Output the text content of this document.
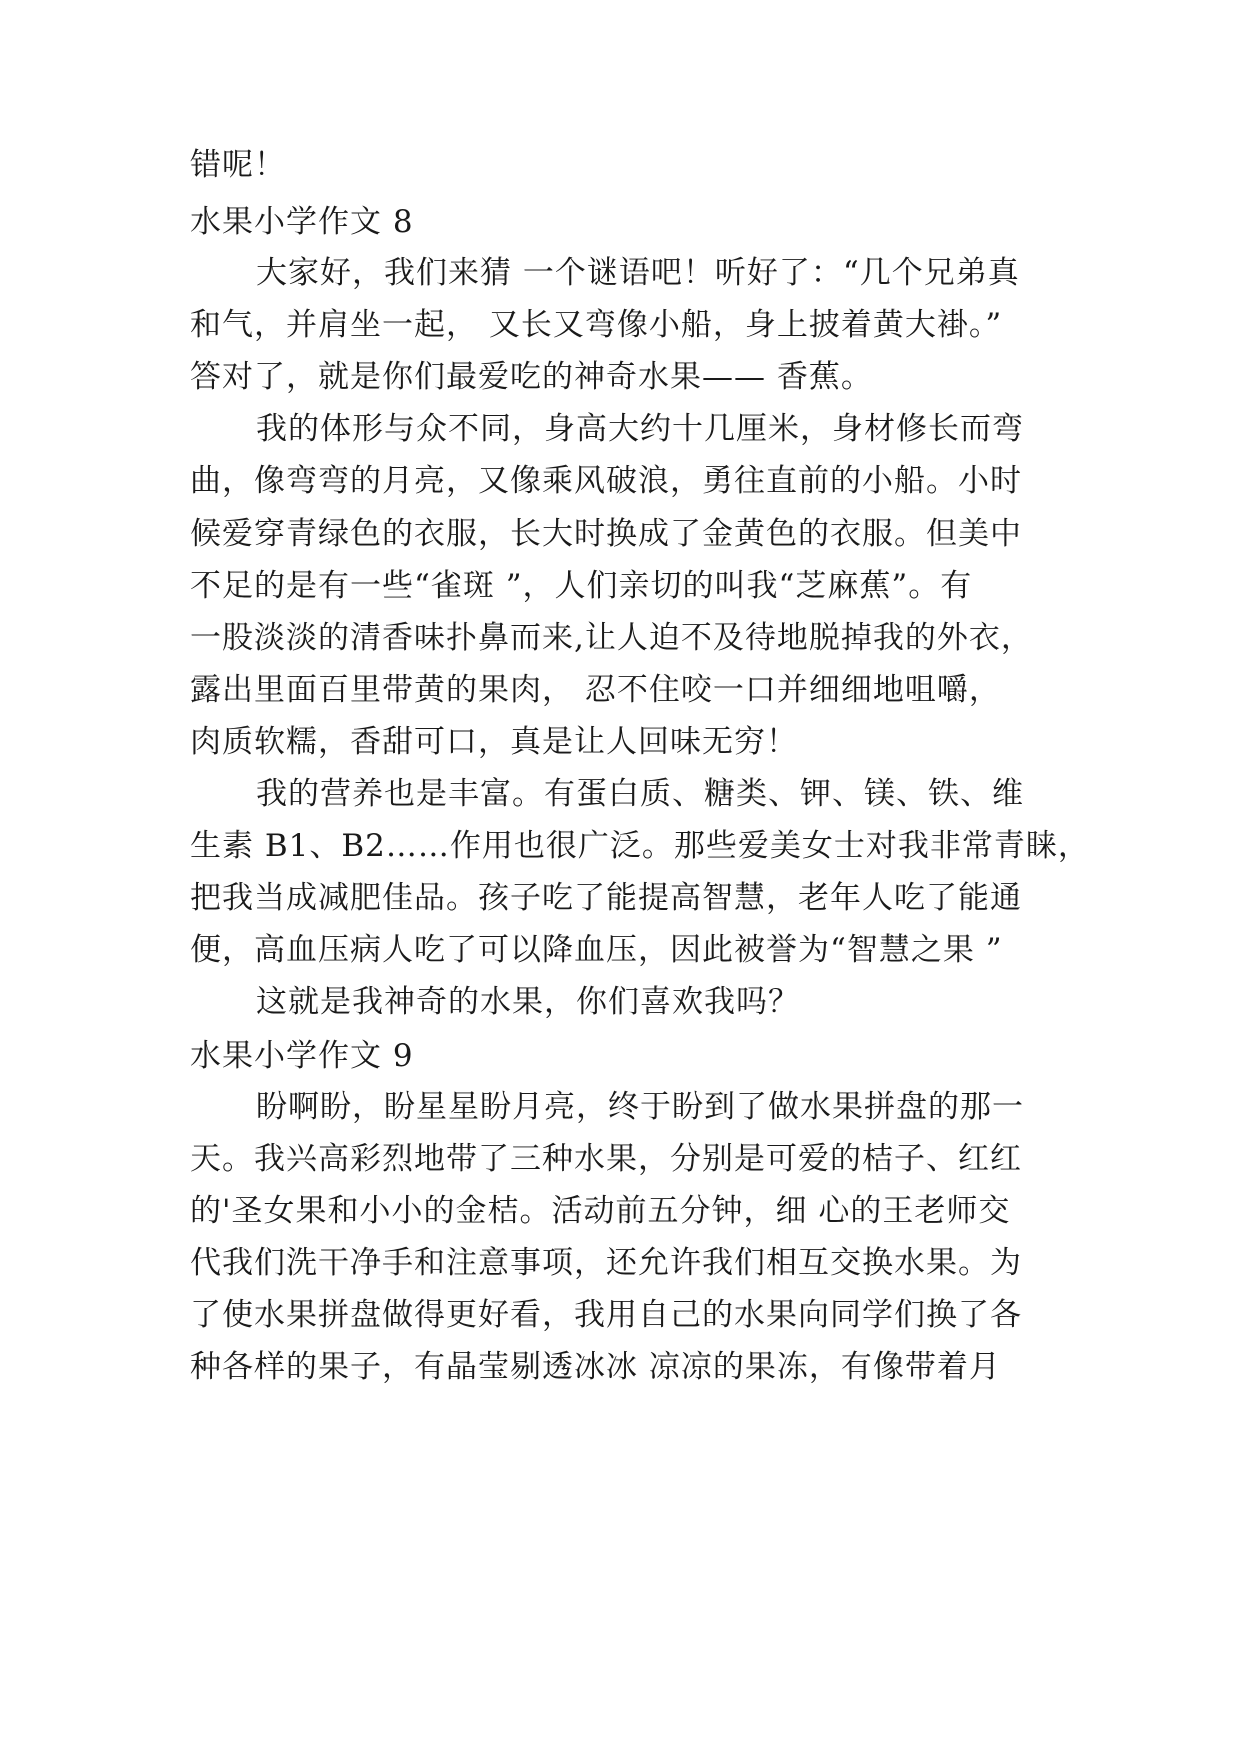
错呢！
水果小学作文 8
大家好，我们来猜 一个谜语吧！听好了：“几个兄弟真
和气，并肩坐一起， 又长又弯像小船，身上披着黄大褂。”
答对了，就是你们最爱吃的神奇水果—— 香蕉。
我的体形与众不同，身高大约十几厘米，身材修长而弯
曲，像弯弯的月亮，又像乘风破浪，勇往直前的小船。小时
候爱穿青绿色的衣服，长大时换成了金黄色的衣服。但美中
不足的是有一些“雀斑 ”，人们亲切的叫我“芝麻蕉”。有
一股淡淡的清香味扑鼻而来,让人迫不及待地脱掉我的外衣，
露出里面百里带黄的果肉， 忍不住咬一口并细细地咀嚼，
肉质软糯，香甜可口，真是让人回味无穷！
我的营养也是丰富。有蛋白质、糖类、钾、镁、铁、维
生素 B1、B2……作用也很广泛。那些爱美女士对我非常青睐，
把我当成减肥佳品。孩子吃了能提高智慧，老年人吃了能通
便，高血压病人吃了可以降血压，因此被誉为“智慧之果 ”
这就是我神奇的水果，你们喜欢我吗？
水果小学作文 9
盼啊盼，盼星星盼月亮，终于盼到了做水果拼盘的那一
天。我兴高彩烈地带了三种水果，分别是可爱的桔子、红红
的'圣女果和小小的金桔。活动前五分钟，细 心的王老师交
代我们洗干净手和注意事项，还允许我们相互交换水果。为
了使水果拼盘做得更好看，我用自己的水果向同学们换了各
种各样的果子，有晶莹剔透冰冰 凉凉的果冻，有像带着月
